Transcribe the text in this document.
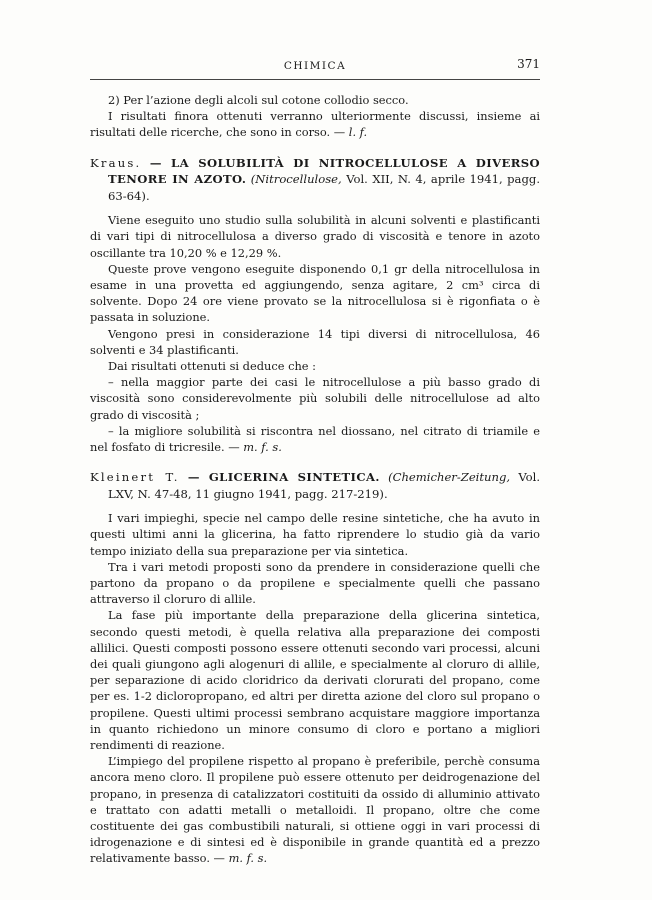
CHIMICA	371

2) Per l’azione degli alcoli sul cotone collodio secco.

I risultati finora ottenuti verranno ulteriormente discussi, insieme ai risultati delle ricerche, che sono in corso. — l. f.

Kraus. — LA SOLUBILITÀ DI NITROCELLULOSE A DIVERSO TENORE IN AZOTO. (Nitrocellulose, Vol. XII, N. 4, aprile 1941, pagg. 63-64).

Viene eseguito uno studio sulla solubilità in alcuni solventi e plastificanti di vari tipi di nitrocellulosa a diverso grado di viscosità e tenore in azoto oscillante tra 10,20 % e 12,29 %.

Queste prove vengono eseguite disponendo 0,1 gr della nitrocellulosa in esame in una provetta ed aggiungendo, senza agitare, 2 cm³ circa di solvente. Dopo 24 ore viene provato se la nitrocellulosa si è rigonfiata o è passata in soluzione.

Vengono presi in considerazione 14 tipi diversi di nitrocellulosa, 46 solventi e 34 plastificanti.

Dai risultati ottenuti si deduce che :

– nella maggior parte dei casi le nitrocellulose a più basso grado di viscosità sono considerevolmente più solubili delle nitrocellulose ad alto grado di viscosità ;

– la migliore solubilità si riscontra nel diossano, nel citrato di triamile e nel fosfato di tricresile. — m. f. s.

Kleinert T. — GLICERINA SINTETICA. (Chemicher-Zeitung, Vol. LXV, N. 47-48, 11 giugno 1941, pagg. 217-219).

I vari impieghi, specie nel campo delle resine sintetiche, che ha avuto in questi ultimi anni la glicerina, ha fatto riprendere lo studio già da vario tempo iniziato della sua preparazione per via sintetica.

Tra i vari metodi proposti sono da prendere in considerazione quelli che partono da propano o da propilene e specialmente quelli che passano attraverso il cloruro di allile.

La fase più importante della preparazione della glicerina sintetica, secondo questi metodi, è quella relativa alla preparazione dei composti allilici. Questi composti possono essere ottenuti secondo vari processi, alcuni dei quali giungono agli alogenuri di allile, e specialmente al cloruro di allile, per separazione di acido cloridrico da derivati clorurati del propano, come per es. 1-2 dicloropropano, ed altri per diretta azione del cloro sul propano o propilene. Questi ultimi processi sembrano acquistare maggiore importanza in quanto richiedono un minore consumo di cloro e portano a migliori rendimenti di reazione.

L’impiego del propilene rispetto al propano è preferibile, perchè consuma ancora meno cloro. Il propilene può essere ottenuto per deidrogenazione del propano, in presenza di catalizzatori costituiti da ossido di alluminio attivato e trattato con adatti metalli o metalloidi. Il propano, oltre che come costituente dei gas combustibili naturali, si ottiene oggi in vari processi di idrogenazione e di sintesi ed è disponibile in grande quantità ed a prezzo relativamente basso. — m. f. s.
